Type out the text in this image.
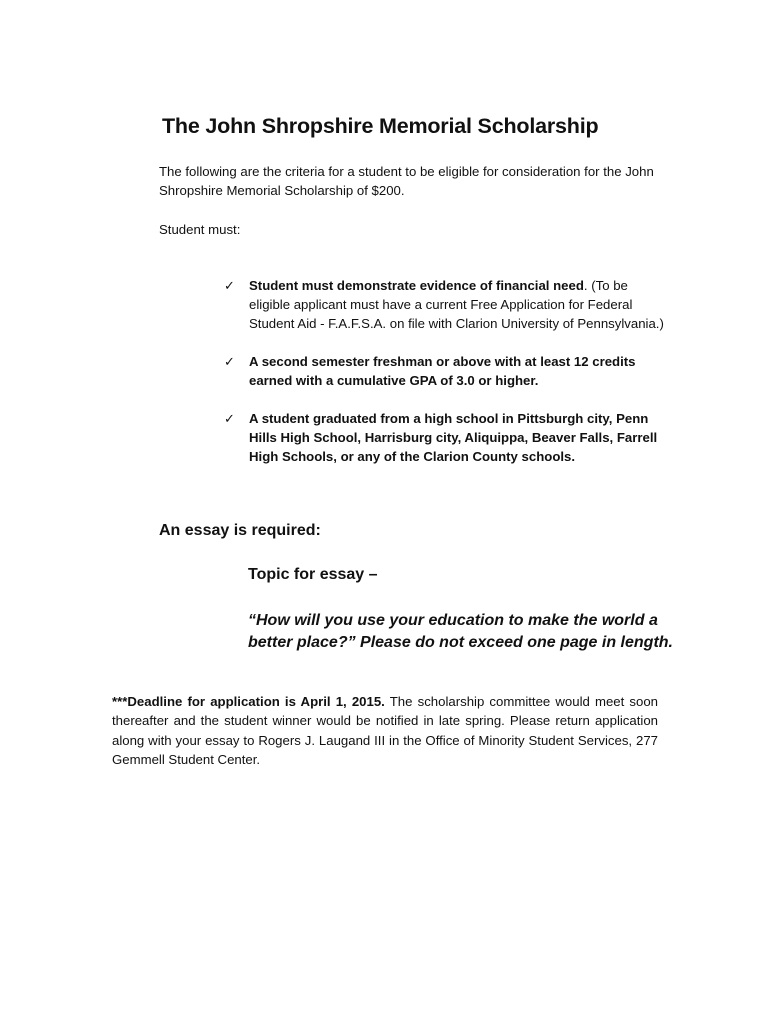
The John Shropshire Memorial Scholarship

The following are the criteria for a student to be eligible for consideration for the John Shropshire Memorial Scholarship of $200.

Student must:

✓ Student must demonstrate evidence of financial need. (To be eligible applicant must have a current Free Application for Federal Student Aid - F.A.F.S.A. on file with Clarion University of Pennsylvania.)
✓ A second semester freshman or above with at least 12 credits earned with a cumulative GPA of 3.0 or higher.
✓ A student graduated from a high school in Pittsburgh city, Penn Hills High School, Harrisburg city, Aliquippa, Beaver Falls, Farrell High Schools, or any of the Clarion County schools.
An essay is required:

Topic for essay –

“How will you use your education to make the world a better place?” Please do not exceed one page in length.

***Deadline for application is April 1, 2015. The scholarship committee would meet soon thereafter and the student winner would be notified in late spring. Please return application along with your essay to Rogers J. Laugand III in the Office of Minority Student Services, 277 Gemmell Student Center.
